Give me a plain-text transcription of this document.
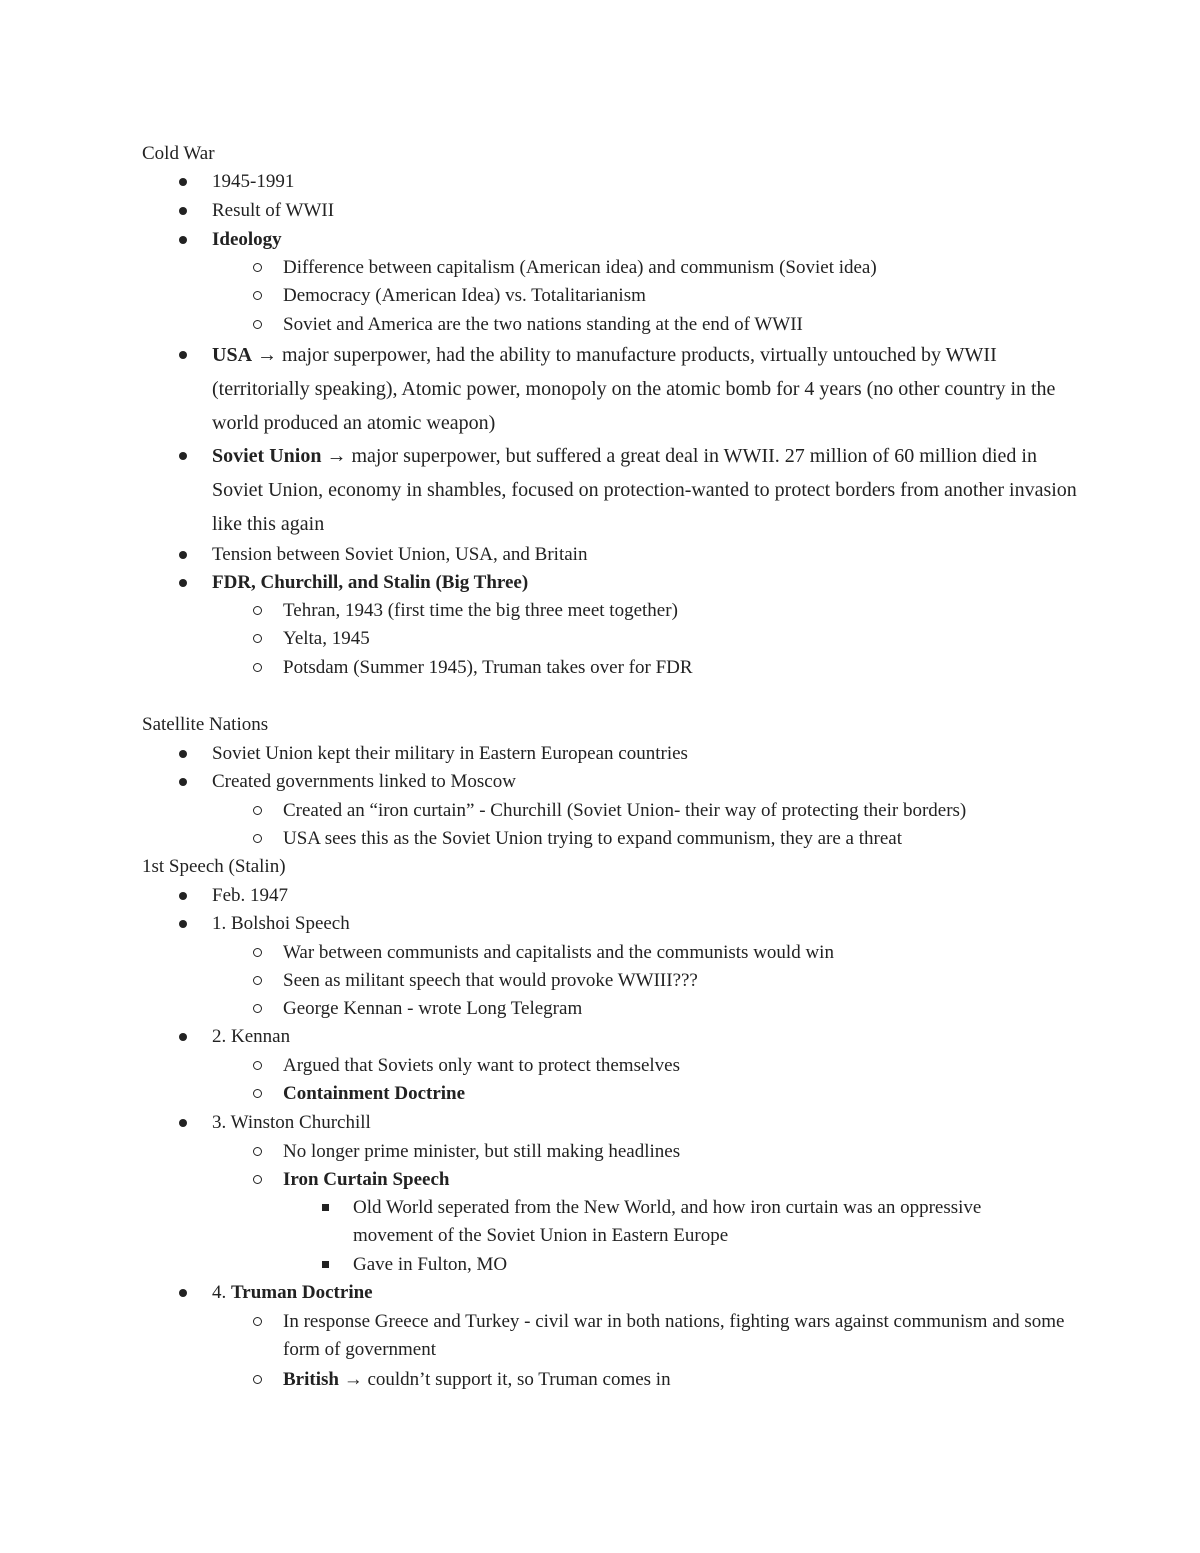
Cold War
1945-1991
Result of WWII
Ideology
Difference between capitalism (American idea) and communism (Soviet idea)
Democracy (American Idea) vs. Totalitarianism
Soviet and America are the two nations standing at the end of WWII
USA → major superpower, had the ability to manufacture products, virtually untouched by WWII (territorially speaking), Atomic power, monopoly on the atomic bomb for 4 years (no other country in the world produced an atomic weapon)
Soviet Union → major superpower, but suffered a great deal in WWII. 27 million of 60 million died in Soviet Union, economy in shambles, focused on protection-wanted to protect borders from another invasion like this again
Tension between Soviet Union, USA, and Britain
FDR, Churchill, and Stalin (Big Three)
Tehran, 1943 (first time the big three meet together)
Yelta, 1945
Potsdam (Summer 1945), Truman takes over for FDR
Satellite Nations
Soviet Union kept their military in Eastern European countries
Created governments linked to Moscow
Created an “iron curtain” - Churchill (Soviet Union- their way of protecting their borders)
USA sees this as the Soviet Union trying to expand communism, they are a threat
1st Speech (Stalin)
Feb. 1947
1. Bolshoi Speech
War between communists and capitalists and the communists would win
Seen as militant speech that would provoke WWIII???
George Kennan - wrote Long Telegram
2. Kennan
Argued that Soviets only want to protect themselves
Containment Doctrine
3. Winston Churchill
No longer prime minister, but still making headlines
Iron Curtain Speech
Old World seperated from the New World, and how iron curtain was an oppressive movement of the Soviet Union in Eastern Europe
Gave in Fulton, MO
4. Truman Doctrine
In response Greece and Turkey - civil war in both nations, fighting wars against communism and some form of government
British → couldn’t support it, so Truman comes in
